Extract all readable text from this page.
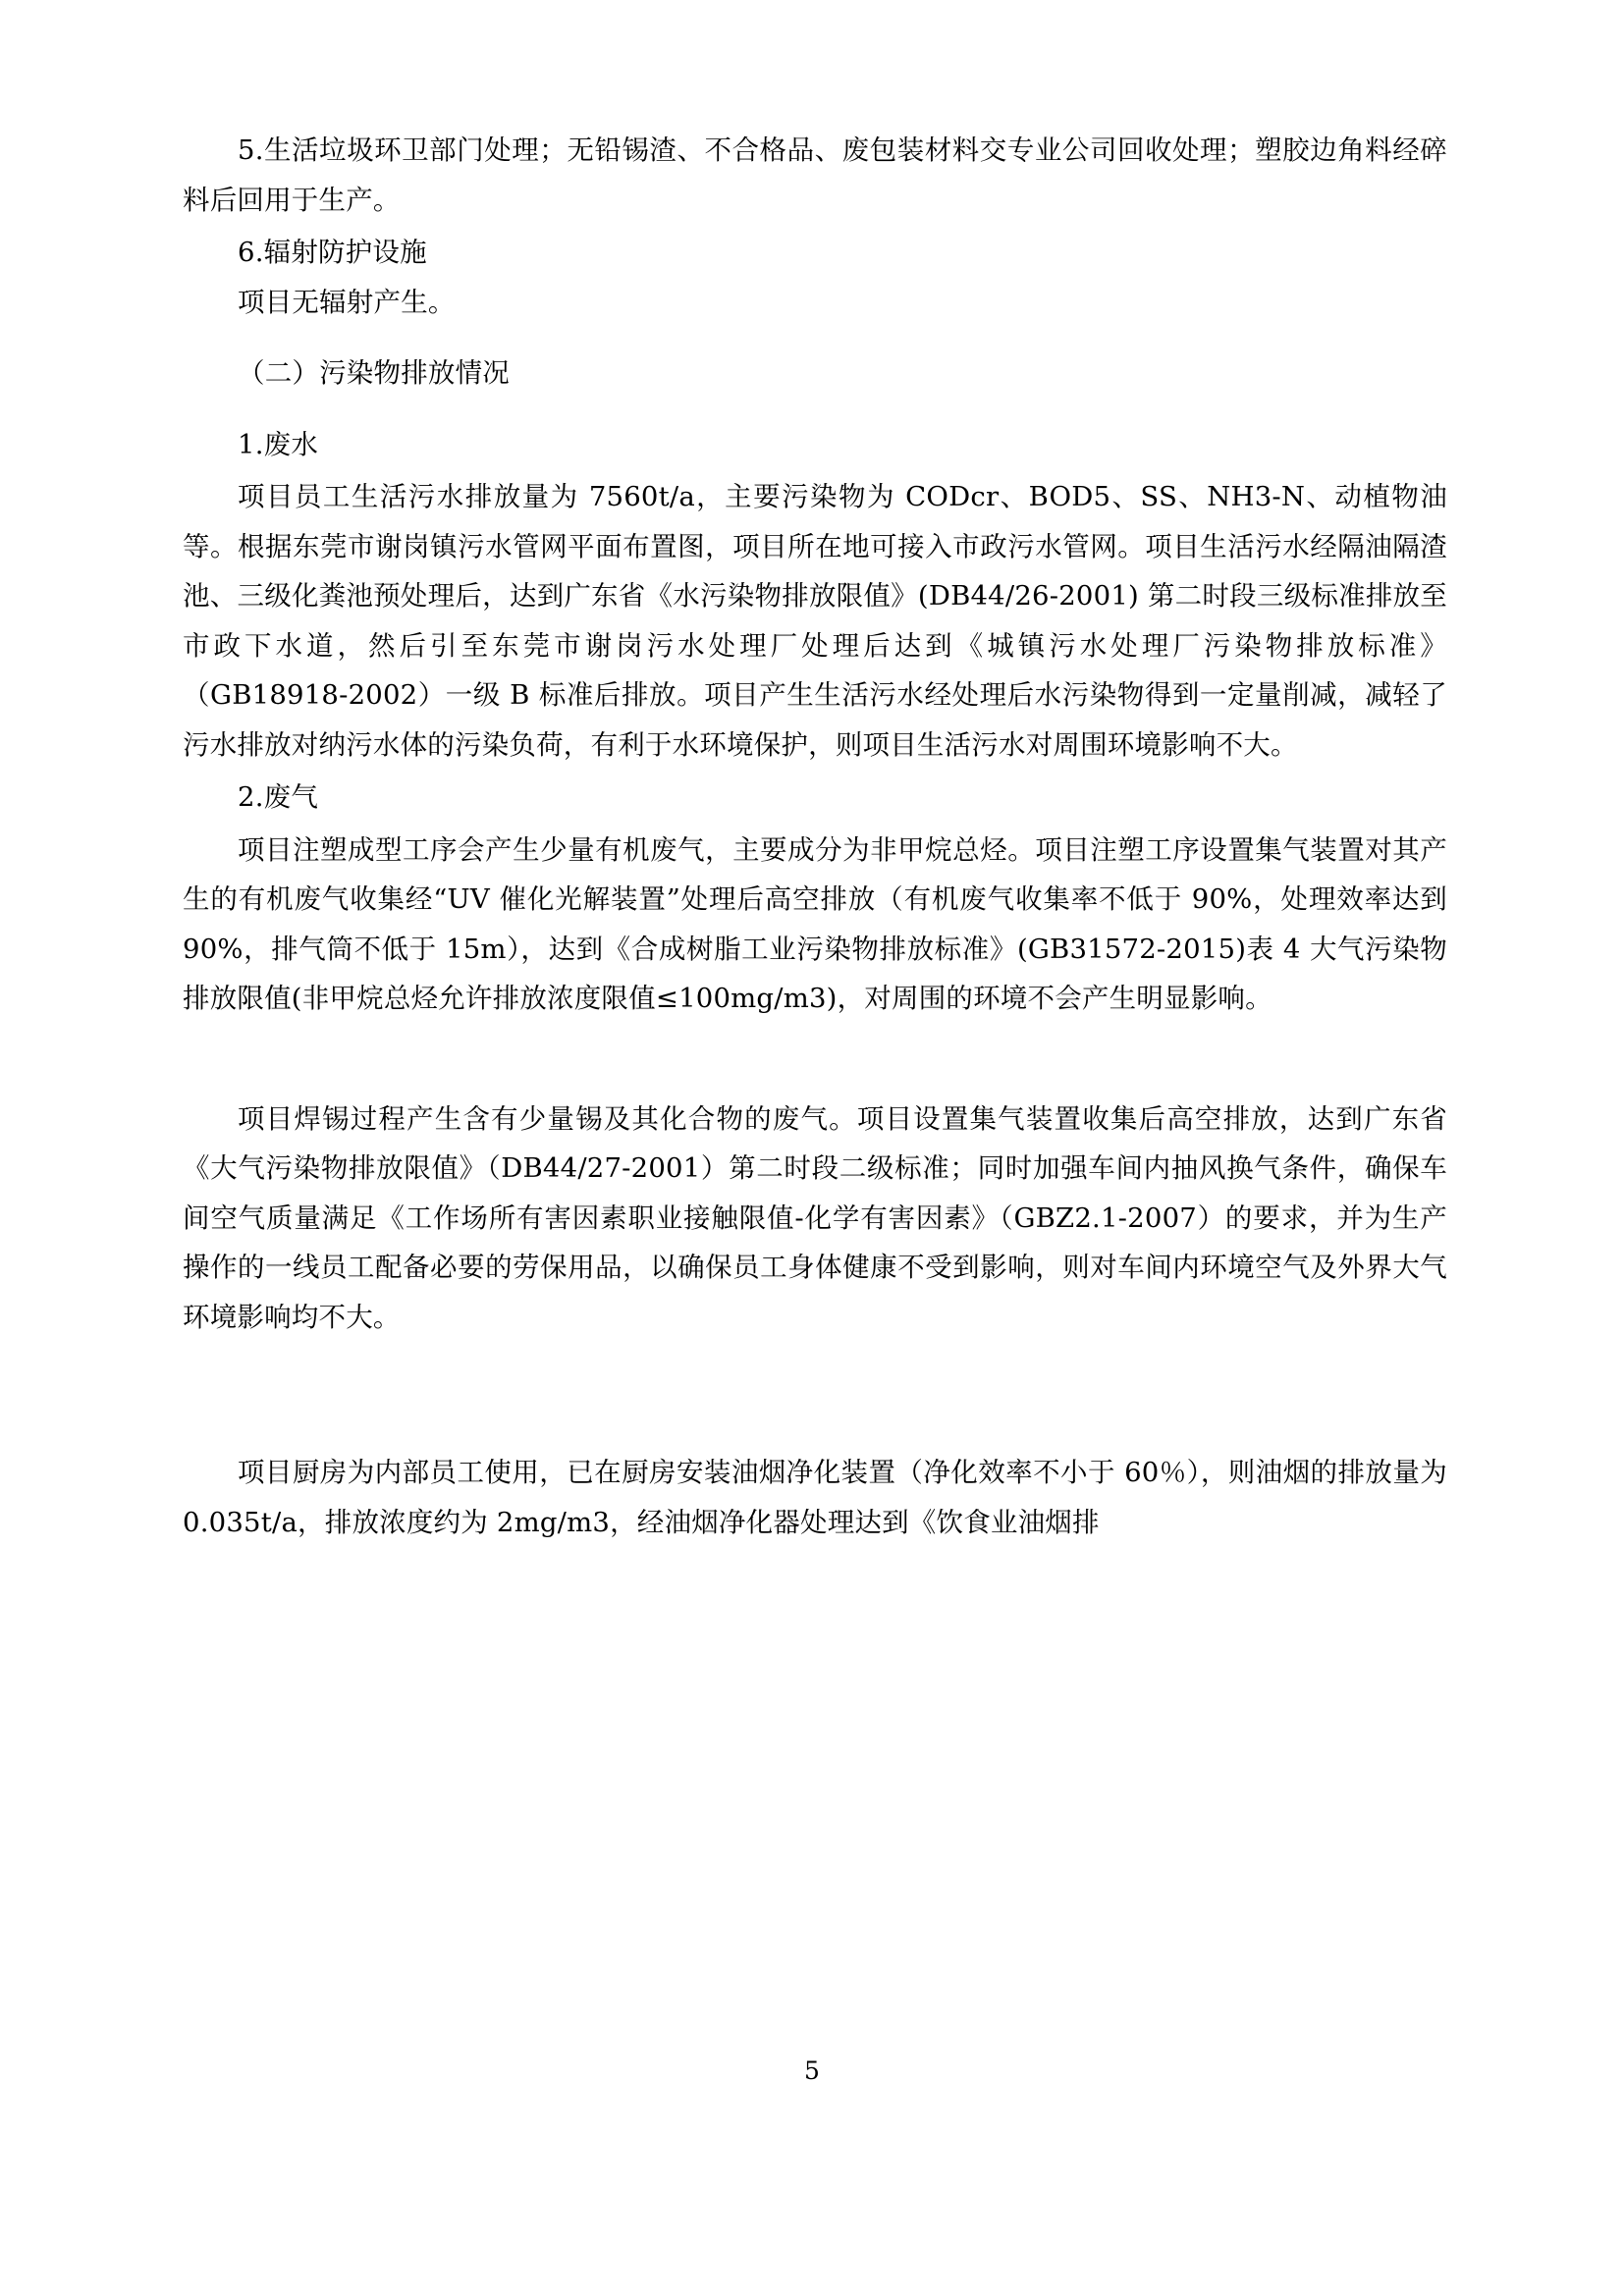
5.生活垃圾环卫部门处理；无铅锡渣、不合格品、废包装材料交专业公司回收处理；塑胶边角料经碎料后回用于生产。

6.辐射防护设施

项目无辐射产生。

（二）污染物排放情况

1.废水

项目员工生活污水排放量为 7560t/a，主要污染物为 CODcr、BOD5、SS、NH3-N、动植物油等。根据东莞市谢岗镇污水管网平面布置图，项目所在地可接入市政污水管网。项目生活污水经隔油隔渣池、三级化粪池预处理后，达到广东省《水污染物排放限值》(DB44/26-2001) 第二时段三级标准排放至市政下水道，然后引至东莞市谢岗污水处理厂处理后达到《城镇污水处理厂污染物排放标准》（GB18918-2002）一级 B 标准后排放。项目产生生活污水经处理后水污染物得到一定量削减，减轻了污水排放对纳污水体的污染负荷，有利于水环境保护，则项目生活污水对周围环境影响不大。

2.废气

项目注塑成型工序会产生少量有机废气，主要成分为非甲烷总烃。项目注塑工序设置集气装置对其产生的有机废气收集经“UV 催化光解装置”处理后高空排放（有机废气收集率不低于 90%，处理效率达到 90%，排气筒不低于 15m），达到《合成树脂工业污染物排放标准》(GB31572-2015)表 4 大气污染物排放限值(非甲烷总烃允许排放浓度限值≤100mg/m3)，对周围的环境不会产生明显影响。

项目焊锡过程产生含有少量锡及其化合物的废气。项目设置集气装置收集后高空排放，达到广东省《大气污染物排放限值》（DB44/27-2001）第二时段二级标准；同时加强车间内抽风换气条件，确保车间空气质量满足《工作场所有害因素职业接触限值-化学有害因素》（GBZ2.1-2007）的要求，并为生产操作的一线员工配备必要的劳保用品，以确保员工身体健康不受到影响，则对车间内环境空气及外界大气环境影响均不大。

项目厨房为内部员工使用，已在厨房安装油烟净化装置（净化效率不小于 60％），则油烟的排放量为 0.035t/a，排放浓度约为 2mg/m3，经油烟净化器处理达到《饮食业油烟排

5
